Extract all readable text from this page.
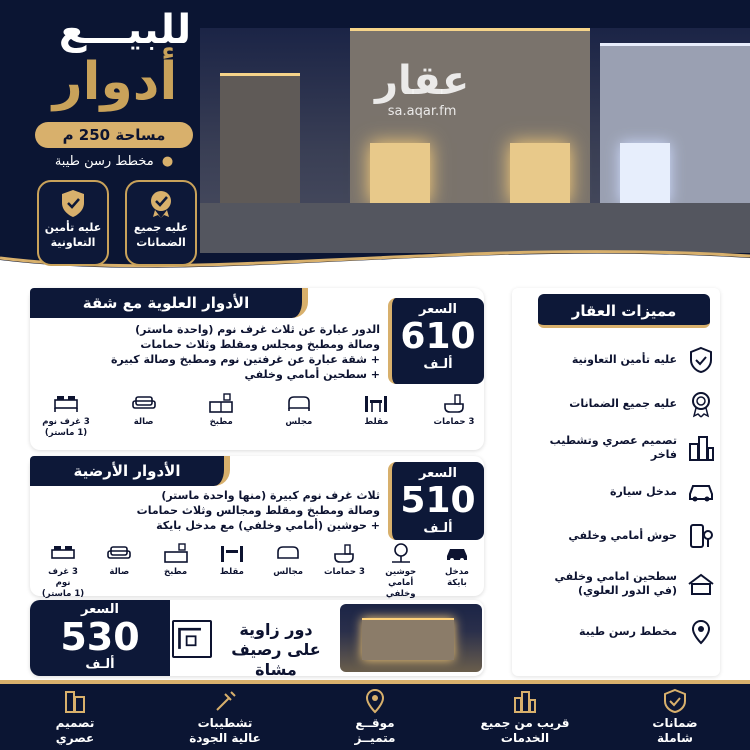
عقار
sa.aqar.fm
للبيـــع
أدوار
مساحة 250 م
مخطط رسن طيبة ●
عليه جميع
الضمانات
عليه تأمين
التعاونية
الأدوار العلوية مع شقة
الدور عبارة عن ثلاث غرف نوم (واحدة ماستر)
وصالة ومطبخ ومجلس ومقلط وثلاث حمامات
+ شقة عبارة عن غرفتين نوم ومطبخ وصالة كبيرة
+ سطحين أمامي وخلفي
السعر
610
ألـف
3 غرف نوم
(1 ماستر)
صالة	مطبخ	مجلس	مقلط	3 حمامات
الأدوار الأرضية
ثلاث غرف نوم كبيرة (منها واحدة ماستر)
وصالة ومطبخ ومقلط ومجالس وثلاث حمامات
+ حوشين (أمامي وخلفي) مع مدخل بايكة
السعر
510
ألـف
3 غرف نوم
(1 ماستر)
صالة	مطبخ	مقلط	مجالس	3 حمامات	حوشين
أمامي وخلفي
مدخل بايكة
السعر
530
ألـف
دور زاوية
على رصيف مشاة
مميزات العقار
عليه تأمين التعاونية
عليه جميع الضمانات
تصميم عصري وتشطيب فاخر
مدخل سيارة
حوش أمامي وخلفي
سطحين امامي وخلفي (في الدور العلوي)
مخطط رسن طيبة
تصميم
عصري
تشطيبات
عالية الجودة
موقــع
متميــز
قريب من جميع
الخدمات
ضمانات
شاملة
